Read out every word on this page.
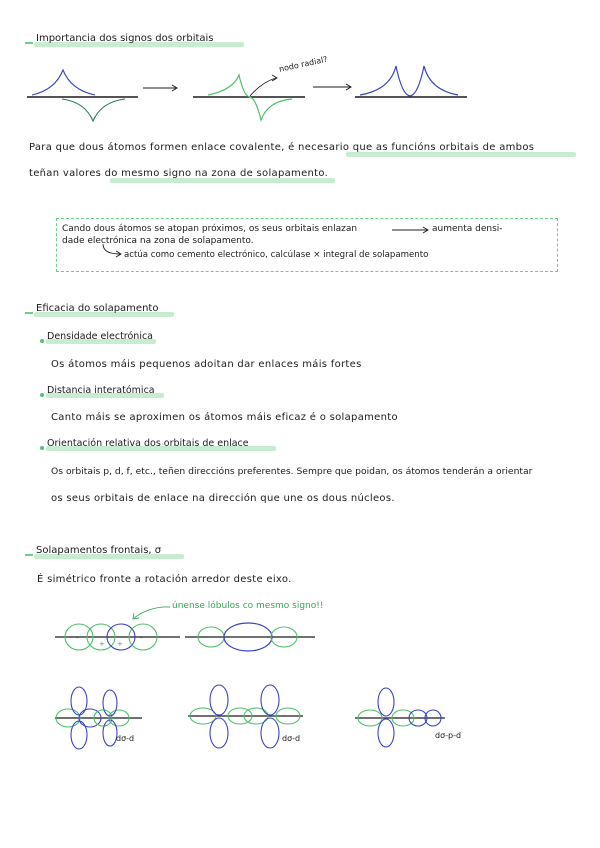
Importancia dos signos dos orbitais
nodo radial?
Para que dous átomos formen enlace covalente, é necesario que as funcións orbitais de ambos
teñan valores do mesmo signo na zona de solapamento.
Cando dous átomos se atopan próximos, os seus orbitais enlazan	aumenta densi-
dade electrónica na zona de solapamento.
actúa como cemento electrónico, calcúlase × integral de solapamento
Eficacia do solapamento
Densidade electrónica
Os átomos máis pequenos adoitan dar enlaces máis fortes
Distancia interatómica
Canto máis se aproximen os átomos máis eficaz é o solapamento
Orientación relativa dos orbitais de enlace
Os orbitais p, d, f, etc., teñen direccións preferentes. Sempre que poidan, os átomos tenderán a orientar
os seus orbitais de enlace na dirección que une os dous núcleos.
Solapamentos frontais, σ
É simétrico fronte a rotación arredor deste eixo.
únense lóbulos co mesmo signo!!
-
+ +
-
dσ-d	dσ-d	dσ-p-d
